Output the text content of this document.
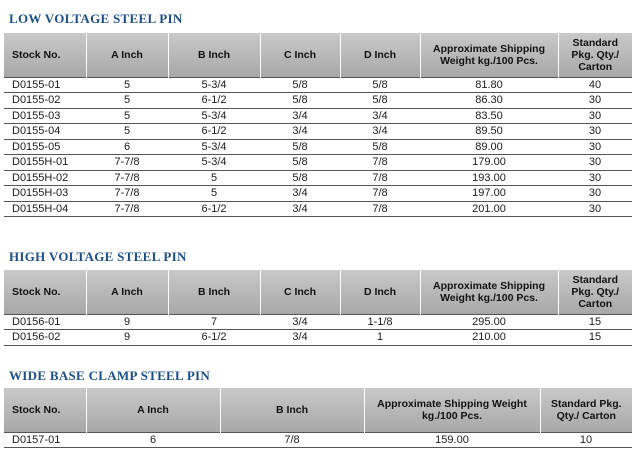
LOW VOLTAGE STEEL PIN
Stock No.	A Inch	B Inch	C Inch	D Inch	Approximate Shipping Weight kg./100 Pcs.	Standard Pkg. Qty./ Carton
D0155-01	5	5-3/4	5/8	5/8	81.80	40
D0155-02	5	6-1/2	5/8	5/8	86.30	30
D0155-03	5	5-3/4	3/4	3/4	83.50	30
D0155-04	5	6-1/2	3/4	3/4	89.50	30
D0155-05	6	5-3/4	5/8	5/8	89.00	30
D0155H-01	7-7/8	5-3/4	5/8	7/8	179.00	30
D0155H-02	7-7/8	5	5/8	7/8	193.00	30
D0155H-03	7-7/8	5	3/4	7/8	197.00	30
D0155H-04	7-7/8	6-1/2	3/4	7/8	201.00	30
HIGH VOLTAGE STEEL PIN
Stock No.	A Inch	B Inch	C Inch	D Inch	Approximate Shipping Weight kg./100 Pcs.	Standard Pkg. Qty./ Carton
D0156-01	9	7	3/4	1-1/8	295.00	15
D0156-02	9	6-1/2	3/4	1	210.00	15
WIDE BASE CLAMP STEEL PIN
Stock No.	A Inch	B Inch	Approximate Shipping Weight kg./100 Pcs.	Standard Pkg. Qty./ Carton
D0157-01	6	7/8	159.00	10
